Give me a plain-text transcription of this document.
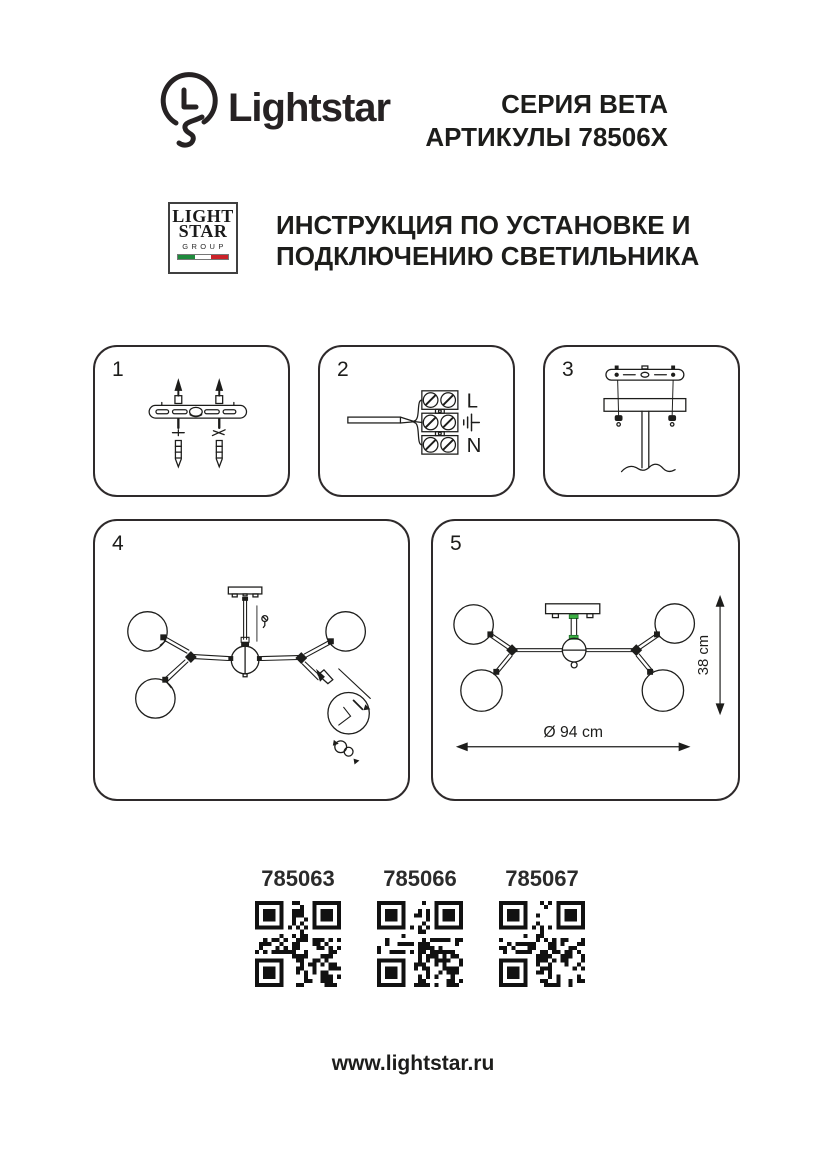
Lightstar	СЕРИЯ BETA
АРТИКУЛЫ 78506X
LIGHT
STAR
GROUP
ИНСТРУКЦИЯ ПО УСТАНОВКЕ И
ПОДКЛЮЧЕНИЮ СВЕТИЛЬНИКА
1	2
L
N
3
4	5
38 cm
Ø 94 cm
785063 785066 785067
www.lightstar.ru
